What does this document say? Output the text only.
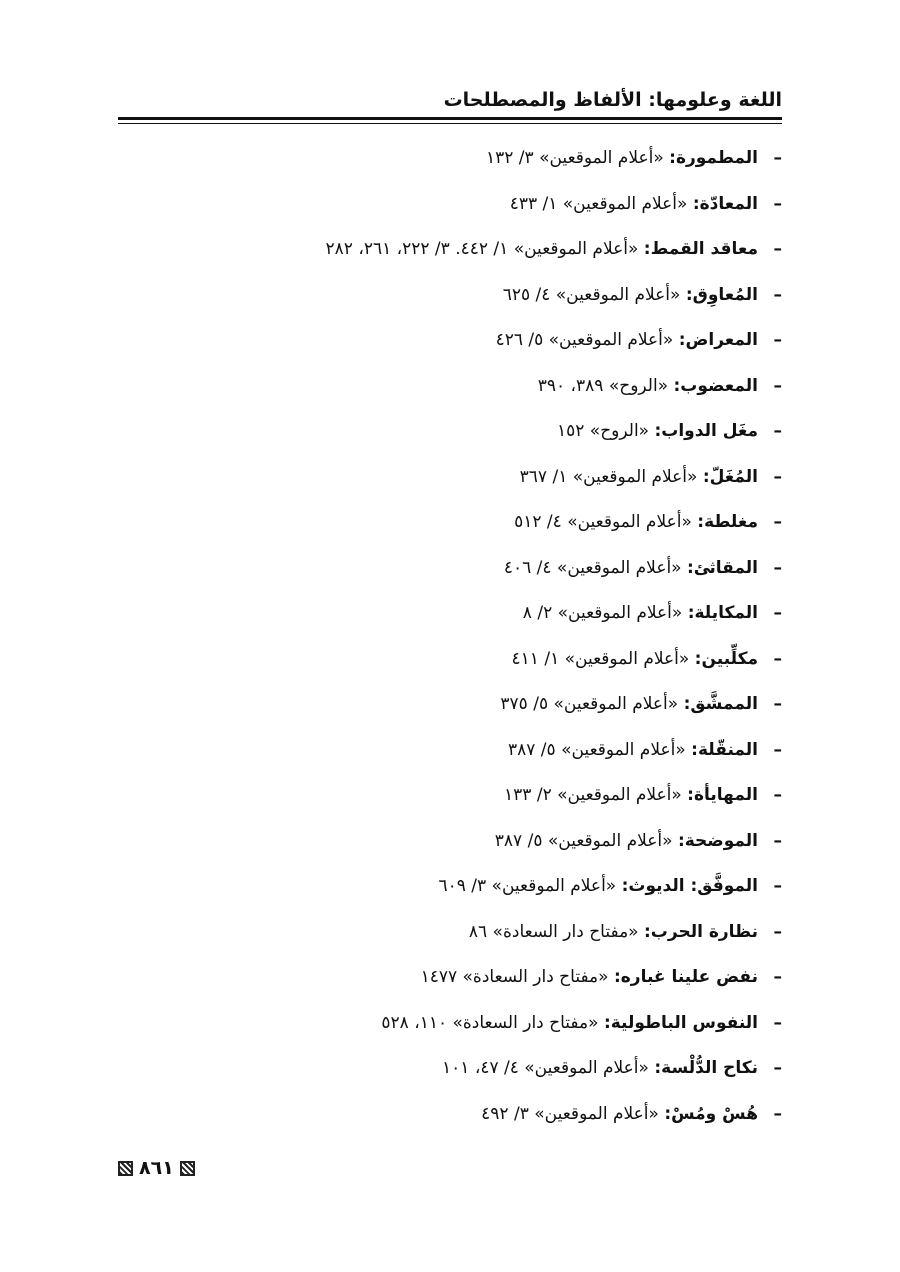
اللغة وعلومها: الألفاظ والمصطلحات
–المطمورة: «أعلام الموقعين» ٣/ ١٣٢
–المعادّة: «أعلام الموقعين» ١/ ٤٣٣
–معاقد القمط: «أعلام الموقعين» ١/ ٤٤٢. ٣/ ٢٢٢، ٢٦١، ٢٨٢
–المُعاوِق: «أعلام الموقعين» ٤/ ٦٢٥
–المعراض: «أعلام الموقعين» ٥/ ٤٢٦
–المعضوب: «الروح» ٣٨٩، ٣٩٠
–مغَل الدواب: «الروح» ١٥٢
–المُغَلّ: «أعلام الموقعين» ١/ ٣٦٧
–مغلطة: «أعلام الموقعين» ٤/ ٥١٢
–المقاثئ: «أعلام الموقعين» ٤/ ٤٠٦
–المكايلة: «أعلام الموقعين» ٢/ ٨
–مكلِّبين: «أعلام الموقعين» ١/ ٤١١
–الممشَّق: «أعلام الموقعين» ٥/ ٣٧٥
–المنقّلة: «أعلام الموقعين» ٥/ ٣٨٧
–المهايأة: «أعلام الموقعين» ٢/ ١٣٣
–الموضحة: «أعلام الموقعين» ٥/ ٣٨٧
–الموفَّق: الديوث: «أعلام الموقعين» ٣/ ٦٠٩
–نظارة الحرب: «مفتاح دار السعادة» ٨٦
–نفض علينا غباره: «مفتاح دار السعادة» ١٤٧٧
–النفوس الباطولية: «مفتاح دار السعادة» ١١٠، ٥٢٨
–نكاح الدُّلْسة: «أعلام الموقعين» ٤/ ٤٧، ١٠١
–هُسْ ومُسْ: «أعلام الموقعين» ٣/ ٤٩٢
٨٦١
